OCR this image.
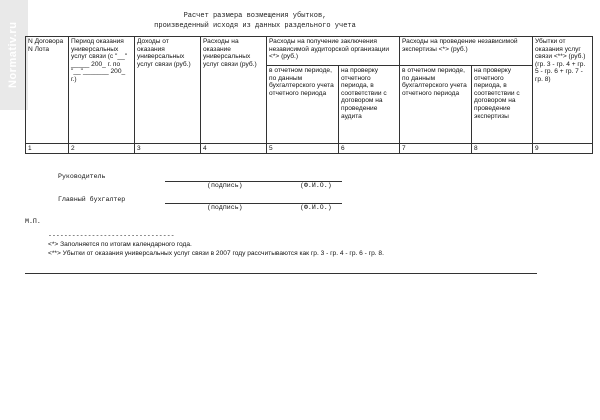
Normativ.ru
Расчет размера возмещения убытков,
произведенный исходя из данных раздельного учета
N Договора N Лота	Период оказания универсальных услуг связи (с "__" _____ 200_ г. по "__"_______ 200_ г.)	Доходы от оказания универсальных услуг связи (руб.)	Расходы на оказание универсальных услуг связи (руб.)	Расходы на получение заключения независимой аудиторской организации <*> (руб.)		Расходы на проведение независимой экспертизы <*> (руб.)		Убытки от оказания услуг связи <**> (руб.) (гр. 3 - гр. 4 + гр. 5 - гр. 6 + гр. 7 - гр. 8)
				в отчетном периоде, по данным бухгалтерского учета отчетного периода	на проверку отчетного периода, в соответствии с договором на проведение аудита	в отчетном периоде, по данным бухгалтерского учета отчетного периода	на проверку отчетного периода, в соответствии с договором на проведение экспертизы	
1	2	3	4	5	6	7	8	9
Руководитель
(подпись)	(Ф.И.О.)
Главный бухгалтер
(подпись)	(Ф.И.О.)
М.П.
--------------------------------
<*> Заполняется по итогам календарного года.
<**> Убытки от оказания универсальных услуг связи в 2007 году рассчитываются как гр. 3 - гр. 4 - гр. 6 - гр. 8.
